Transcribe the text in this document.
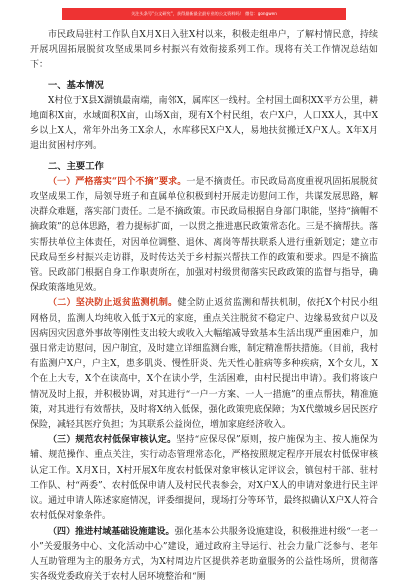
关注头条号"公文研究"，获得最新最全最专业的公文资料吗！ 微信：gongwen

市民政局驻村工作队自X月X日入驻X村以来，积极走组串户，了解村情民意，持续开展巩固拓展脱贫攻坚成果同乡村振兴有效衔接系列工作。现将有关工作情况总结如下：

一、基本情况

X村位于X县X湖镇最南端，南邻X，属库区一线村。全村国土面积XX平方公里，耕地面积X亩，水域面积X亩，山场X亩，现有X个村民组，农户X户，人口XX人，其中X乡以上X人，常年外出务工X余人，水库移民X户X人，易地扶贫搬迁X户X人。X年X月退出贫困村序列。

二、主要工作

（一）严格落实“四个不摘”要求。一是不摘责任。市民政局高度重视巩固拓展脱贫攻坚成果工作，局领导班子和直属单位积极到村开展走访慰问工作，共谋发展思路，解决群众难题，落实部门责任。二是不摘政策。市民政局根据自身部门职能，坚持“摘帽不摘政策”的总体思路，着力提标扩面，一以贯之推进惠民政策常态化。三是不摘帮扶。落实帮扶单位主体责任，对因单位调整、退休、离岗等帮扶联系人进行重新划定；建立市民政局至乡村振兴走访群，及时传达关于乡村振兴帮扶工作的政策和要求。四是不摘监管。民政部门根据自身工作职责所在，加强对村级贯彻落实民政政策的监督与指导，确保政策落地见效。

（二）坚决防止返贫监测机制。健全防止返贫监测和帮扶机制，依托X个村民小组网格员，监测人均纯收入低于X元的家庭，重点关注脱贫不稳定户、边缘易致贫户以及因病因灾因意外事故等刚性支出较大或收入大幅缩减导致基本生活出现严重困难户，加强日常走访慰问，因户制宜，及时建立详细监测台账，制定精准帮扶措施。（目前，我村有监测户X户，户主X，患多肌炎、慢性肝炎、先天性心脏病等多种疾病，X个女儿，X个在上大专，X个在读高中，X个在读小学，生活困难，由村民提出申请）。我们将该户情况及时上报，并积极协调，对其进行“一户一方案、一人一措施”的重点帮扶，精准施策，对其进行有效帮扶，及时将X纳入低保，强化政策兜底保障；为X代缴城乡居民医疗保险，减轻其医疗负担；为其联系公益岗位，增加家庭经济收入。

（三）规范农村低保审核认定。坚持“应保尽保”原则，按户施保为主、按人施保为辅、规范操作、重点关注，实行动态管理常态化，严格按照规定程序开展农村低保审核认定工作。X月X日，X村开展X年度农村低保对象审核认定评议会，镇包村干部、驻村工作队、村“两委”、农村低保申请人及村民代表参会，对X户X人的申请对象进行民主评议。通过申请人陈述家庭情况，评委细提问，现场打分等环节，最终拟确认X户X人符合农村低保对象条件。

（四）推进村域基础设施建设。强化基本公共服务设施建设，积极推进村级“一老一小”关爱服务中心、文化活动中心”建设，通过政府主导运行、社会力量广泛参与、老年人互助管理为主的服务方式，为X村周边片区提供养老助童服务的公益性场所，贯彻落实各级党委政府关于农村人居环境整治和“厕
